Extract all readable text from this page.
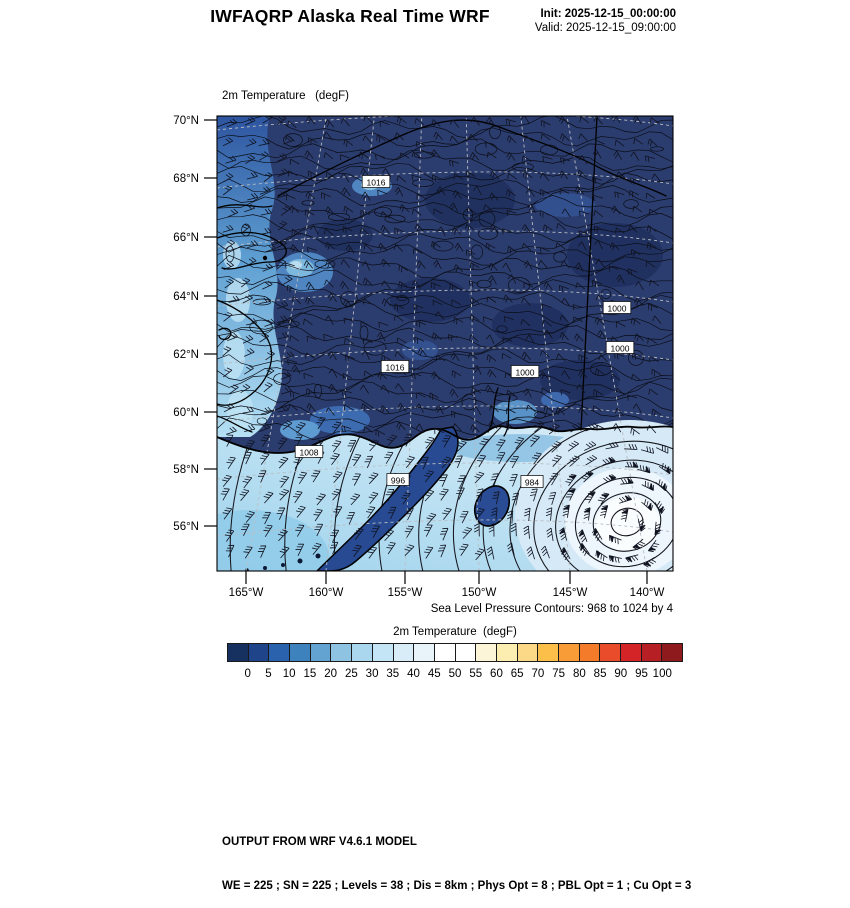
IWFAQRP Alaska Real Time WRF	Init: 2025-12-15_00:00:00
Valid: 2025-12-15_09:00:00

2m Temperature   (degF)

70°N
68°N
66°N
64°N
62°N
60°N
58°N
56°N
165°W	160°W	155°W	150°W	145°W	140°W
1016
1016	1000
1000
1000
1008
996	984
Sea Level Pressure Contours: 968 to 1024 by 4
2m Temperature  (degF)
0 5 10 15 20 25 30 35 40 45 50 55 60 65 70 75 80 85 90 95 100

OUTPUT FROM WRF V4.6.1 MODEL

WE = 225 ; SN = 225 ; Levels = 38 ; Dis = 8km ; Phys Opt = 8 ; PBL Opt = 1 ; Cu Opt = 3
